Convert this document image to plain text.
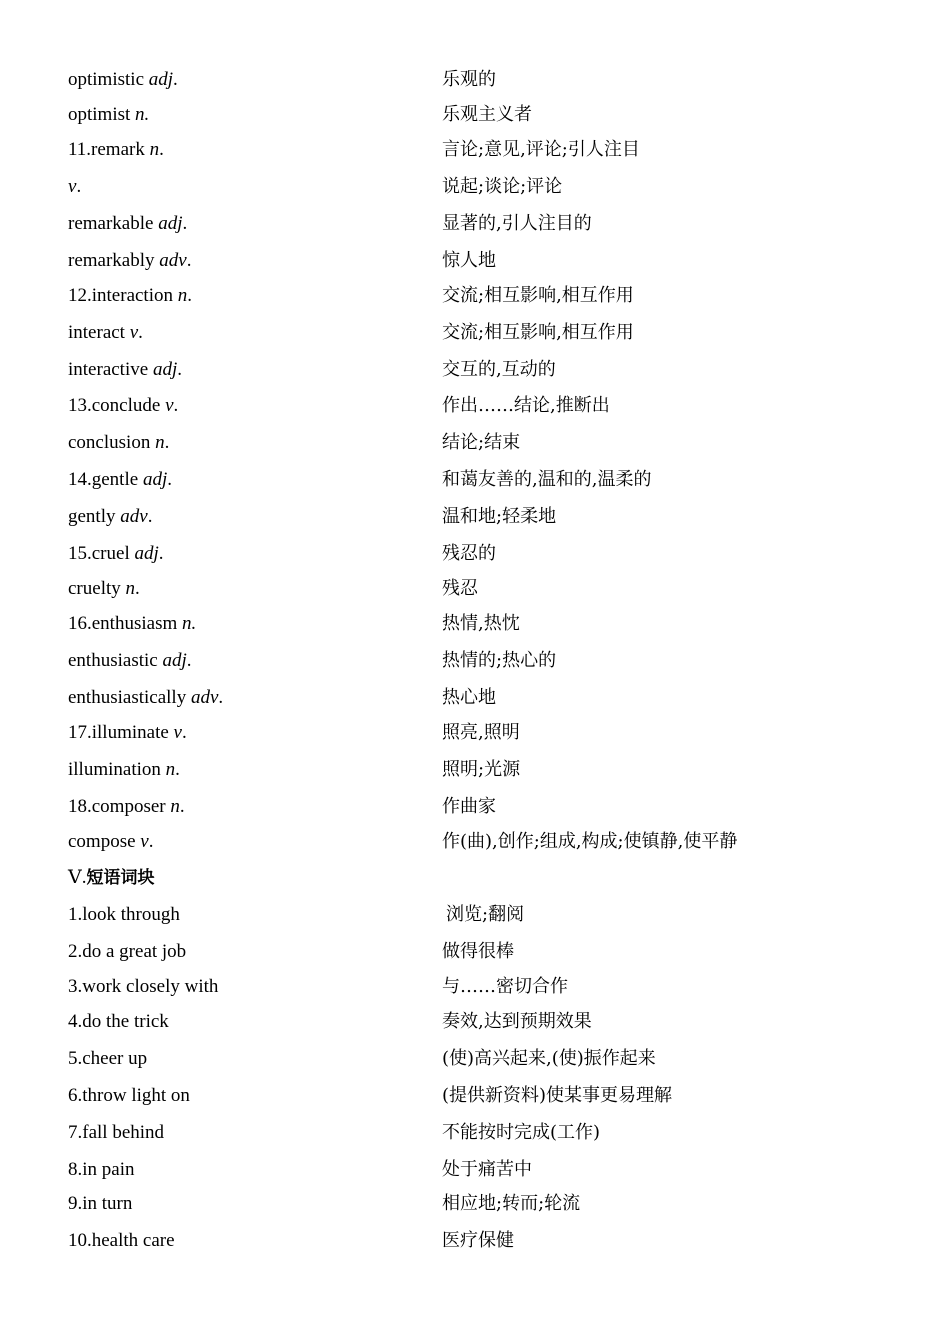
optimistic adj.	乐观的
optimist n.	乐观主义者
11.remark n.	言论;意见,评论;引人注目
v.	说起;谈论;评论
remarkable adj.	显著的,引人注目的
remarkably adv.	惊人地
12.interaction n.	交流;相互影响,相互作用
interact v.	交流;相互影响,相互作用
interactive adj.	交互的,互动的
13.conclude v.	作出……结论,推断出
conclusion n.	结论;结束
14.gentle adj.	和蔼友善的,温和的,温柔的
gently adv.	温和地;轻柔地
15.cruel adj.	残忍的
cruelty n.	残忍
16.enthusiasm n.	热情,热忱
enthusiastic adj.	热情的;热心的
enthusiastically adv.	热心地
17.illuminate v.	照亮,照明
illumination n.	照明;光源
18.composer n.	作曲家
compose v.	作(曲),创作;组成,构成;使镇静,使平静
Ⅴ.短语词块
1.look through	浏览;翻阅
2.do a great job	做得很棒
3.work closely with	与……密切合作
4.do the trick	奏效,达到预期效果
5.cheer up	(使)高兴起来,(使)振作起来
6.throw light on	(提供新资料)使某事更易理解
7.fall behind	不能按时完成(工作)
8.in pain	处于痛苦中
9.in turn	相应地;转而;轮流
10.health care	医疗保健
